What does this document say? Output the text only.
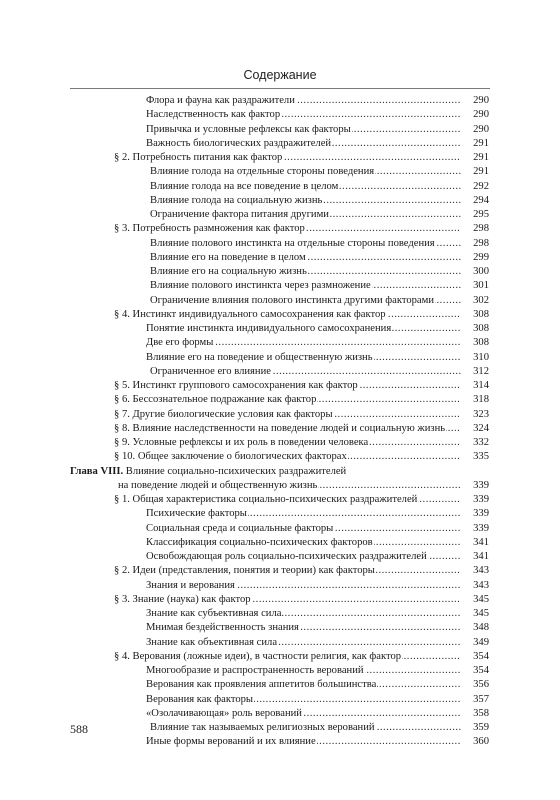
Содержание
Флора и фауна как раздражители .....	290
Наследственность как фактор .....	290
Привычка и условные рефлексы как факторы .....	290
Важность биологических раздражителей .....	291
§ 2. Потребность питания как фактор .....	291
Влияние голода на отдельные стороны поведения .....	291
Влияние голода на все поведение в целом .....	292
Влияние голода на социальную жизнь .....	294
Ограничение фактора питания другими .....	295
§ 3. Потребность размножения как фактор .....	298
Влияние полового инстинкта на отдельные стороны поведения .....	298
Влияние его на поведение в целом .....	299
Влияние его на социальную жизнь .....	300
Влияние полового инстинкта через размножение .....	301
Ограничение влияния полового инстинкта другими факторами .....	302
§ 4. Инстинкт индивидуального самосохранения как фактор .....	308
Понятие инстинкта индивидуального самосохранения .....	308
Две его формы .....	308
Влияние его на поведение и общественную жизнь .....	310
Ограниченное его влияние .....	312
§ 5. Инстинкт группового самосохранения как фактор .....	314
§ 6. Бессознательное подражание как фактор .....	318
§ 7. Другие биологические условия как факторы .....	323
§ 8. Влияние наследственности на поведение людей и социальную жизнь .....	324
§ 9. Условные рефлексы и их роль в поведении человека .....	332
§ 10. Общее заключение о биологических факторах .....	335
Глава VIII. Влияние социально-психических раздражителей
на поведение людей и общественную жизнь .....	339
§ 1. Общая характеристика социально-психических раздражителей .....	339
Психические факторы .....	339
Социальная среда и социальные факторы .....	339
Классификация социально-психических факторов .....	341
Освобождающая роль социально-психических раздражителей .....	341
§ 2. Идеи (представления, понятия и теории) как факторы .....	343
Знания и верования .....	343
§ 3. Знание (наука) как фактор .....	345
Знание как субъективная сила .....	345
Мнимая бездейственность знания .....	348
Знание как объективная сила .....	349
§ 4. Верования (ложные идеи), в частности религия, как фактор .....	354
Многообразие и распространенность верований .....	354
Верования как проявления аппетитов большинства .....	356
Верования как факторы .....	357
«Озолачивающая» роль верований .....	358
Влияние так называемых религиозных верований .....	359
Иные формы верований и их влияние .....	360
588
